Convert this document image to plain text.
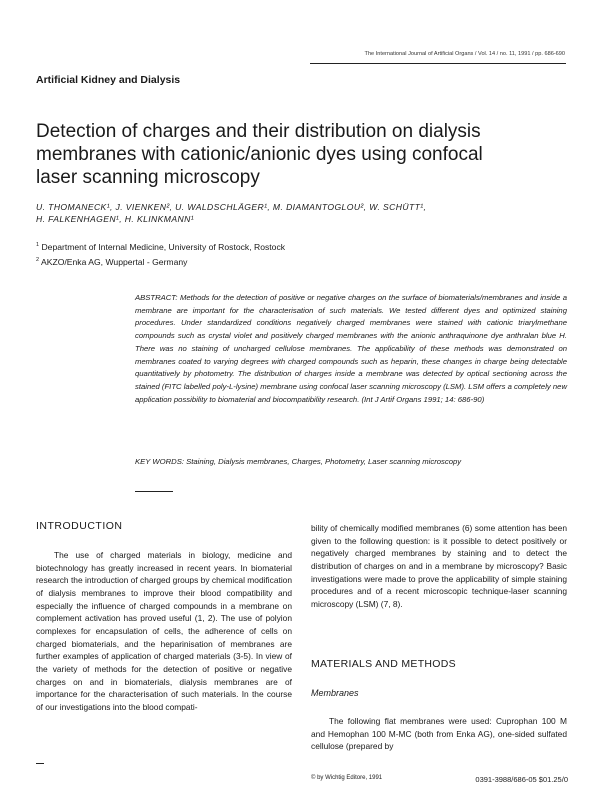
The International Journal of Artificial Organs / Vol. 14 / no. 11, 1991 / pp. 686-690
Artificial Kidney and Dialysis
Detection of charges and their distribution on dialysis
membranes with cationic/anionic dyes using confocal
laser scanning microscopy
U. THOMANECK¹, J. VIENKEN², U. WALDSCHLÄGER¹, M. DIAMANTOGLOU², W. SCHÜTT¹,
H. FALKENHAGEN¹, H. KLINKMANN¹
$^1$ Department of Internal Medicine, University of Rostock, Rostock
$^2$ AKZO/Enka AG, Wuppertal - Germany

ABSTRACT: Methods for the detection of positive or negative charges on the surface of biomaterials/membranes and inside a membrane are important for the characterisation of such materials. We tested different dyes and optimized staining procedures. Under standardized conditions negatively charged membranes were stained with cationic triarylmethane compounds such as crystal violet and positively charged membranes with the anionic anthraquinone dye anthralan blue H. There was no staining of uncharged cellulose membranes. The applicability of these methods was demonstrated on membranes coated to varying degrees with charged compounds such as heparin, these changes in charge being detectable quantitatively by photometry. The distribution of charges inside a membrane was detected by optical sectioning across the stained (FITC labelled poly-L-lysine) membrane using confocal laser scanning microscopy (LSM). LSM offers a completely new application possibility to biomaterial and biocompatibility research. (Int J Artif Organs 1991; 14: 686-90)

KEY WORDS: Staining, Dialysis membranes, Charges, Photometry, Laser scanning microscopy

INTRODUCTION
The use of charged materials in biology, medicine and biotechnology has greatly increased in recent years. In biomaterial research the introduction of charged groups by chemical modification of dialysis membranes to improve their blood compatibility and especially the influence of charged compounds in a membrane on complement activation has proved useful (1, 2). The use of polyion complexes for encapsulation of cells, the adherence of cells on charged biomaterials, and the heparinisation of membranes are further examples of application of charged materials (3-5). In view of the variety of methods for the detection of positive or negative charges on and in biomaterials, dialysis membranes are of importance for the characterisation of such materials. In the course of our investigations into the blood compati-
bility of chemically modified membranes (6) some attention has been given to the following question: is it possible to detect positively or negatively charged membranes by staining and to detect the distribution of charges on and in a membrane by microscopy? Basic investigations were made to prove the applicability of simple staining procedures and of a recent microscopic technique-laser scanning microscopy (LSM) (7, 8).
MATERIALS AND METHODS
Membranes
The following flat membranes were used: Cuprophan 100 M and Hemophan 100 M-MC (both from Enka AG), one-sided sulfated cellulose (prepared by
© by Wichtig Editore, 1991	0391-3988/686-05 $01.25/0
